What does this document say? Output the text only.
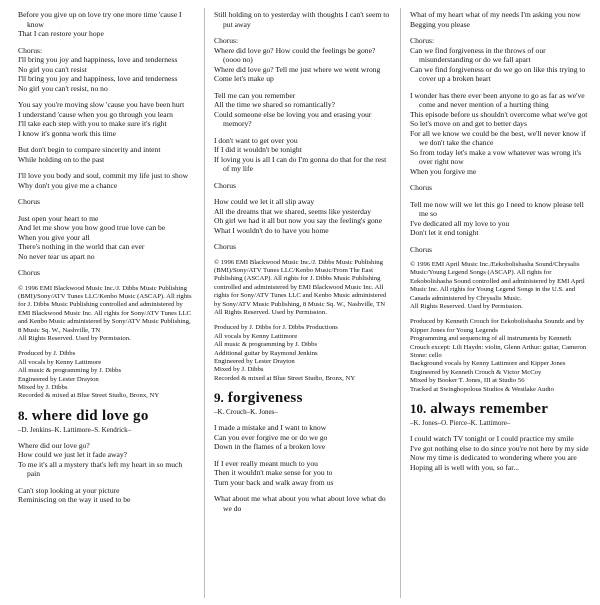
Before you give up on love try one more time 'cause I know
That I can restore your hope
Chorus:
I'll bring you joy and happiness, love and tenderness
No girl you can't resist
I'll bring you joy and happiness, love and tenderness
No girl you can't resist, no no
You say you're moving slow 'cause you have been hurt
I understand 'cause when you go through you learn
I'll take each step with you to make sure it's right
I know it's gonna work this time
But don't begin to compare sincerity and intent
While holding on to the past
I'll love you body and soul, commit my life just to show
Why don't you give me a chance
Chorus
Just open your heart to me
And let me show you how good true love can be
When you give your all
There's nothing in the world that can ever
No never tear us apart no
Chorus
© 1996 EMI Blackwood Music Inc./J. Dibbs Music Publishing (BMI)/Sony/ATV Tunes LLC/Kenbo Music (ASCAP). All rights for J. Dibbs Music Publishing controlled and administered by EMI Blackwood Music Inc. All rights for Sony/ATV Tunes LLC and Kenbo Music administered by Sony/ATV Music Publishing, 8 Music Sq. W., Nashville, TN
All Rights Reserved. Used by Permission.
Produced by J. Dibbs
All vocals by Kenny Lattimore
All music & programming by J. Dibbs
Engineered by Lester Drayton
Mixed by J. Dibbs
Recorded & mixed at Blue Street Studio, Bronx, NY
8. where did love go
–D. Jenkins–K. Lattimore–S. Kendrick–
Where did our love go?
How could we just let it fade away?
To me it's all a mystery that's left my heart in so much pain
Can't stop looking at your picture
Reminiscing on the way it used to be
Still holding on to yesterday with thoughts I can't seem to put away
Chorus:
Where did love go? How could the feelings be gone? (oooo no)
Where did love go? Tell me just where we went wrong
Come let's make up
Tell me can you remember
All the time we shared so romantically?
Could someone else be loving you and erasing your memory?
I don't want to get over you
If I did it wouldn't be tonight
If loving you is all I can do I'm gonna do that for the rest of my life
Chorus
How could we let it all slip away
All the dreams that we shared, seems like yesterday
Oh girl we had it all but now you say the feeling's gone
What I wouldn't do to have you home
Chorus
© 1996 EMI Blackwood Music Inc./J. Dibbs Music Publishing (BMI)/Sony/ATV Tunes LLC/Kenbo Music/From The East Publishing (ASCAP). All rights for J. Dibbs Music Publishing controlled and administered by EMI Blackwood Music Inc. All rights for Sony/ATV Tunes LLC and Kenbo Music administered by Sony/ATV Music Publishing, 8 Music Sq. W., Nashville, TN
All Rights Reserved. Used by Permission.
Produced by J. Dibbs for J. Dibbs Productions
All vocals by Kenny Lattimore
All music & programming by J. Dibbs
Additional guitar by Raymond Jenkins
Engineered by Lester Drayton
Mixed by J. Dibbs
Recorded & mixed at Blue Street Studio, Bronx, NY
9. forgiveness
–K. Crouch–K. Jones–
I made a mistake and I want to know
Can you ever forgive me or do we go
Down in the flames of a broken love
If I ever really meant much to you
Then it wouldn't make sense for you to
Turn your back and walk away from us
What about me what about you what about love what do we do
What of my heart what of my needs I'm asking you now
Begging you please
Chorus:
Can we find forgiveness in the throws of our misunderstanding or do we fall apart
Can we find forgiveness or do we go on like this trying to cover up a broken heart
I wonder has there ever been anyone to go as far as we've come and never mention of a hurting thing
This episode before us shouldn't overcome what we've got
So let's move on and get to better days
For all we know we could be the best, we'll never know if we don't take the chance
So from today let's make a vow whatever was wrong it's over right now
When you forgive me
Chorus
Tell me now will we let this go I need to know please tell me so
I've dedicated all my love to you
Don't let it end tonight
Chorus
© 1996 EMI April Music Inc./Eekobolishasha Sound/Chrysalis Music/Young Legend Songs (ASCAP). All rights for Eekobolishasha Sound controlled and administered by EMI April Music Inc. All rights for Young Legend Songs in the U.S. and Canada administered by Chrysalis Music.
All Rights Reserved. Used by Permission.
Produced by Kenneth Crouch for Eekobolishasha Soundz and by Kipper Jones for Young Legends
Programming and sequencing of all instruments by Kenneth Crouch except: Lili Haydn: violin, Glenn Arthur: guitar, Cameron Stone: cello
Background vocals by Kenny Lattimore and Kipper Jones
Engineered by Kenneth Crouch & Victor McCoy
Mixed by Booker T. Jones, III at Studio 56
Tracked at Swinghopolous Studios & Westlake Audio
10. always remember
–K. Jones–O. Pierce–K. Lattimore–
I could watch TV tonight or I could practice my smile
I've got nothing else to do since you're not here by my side
Now my time is dedicated to wondering where you are
Hoping all is well with you, so far...
